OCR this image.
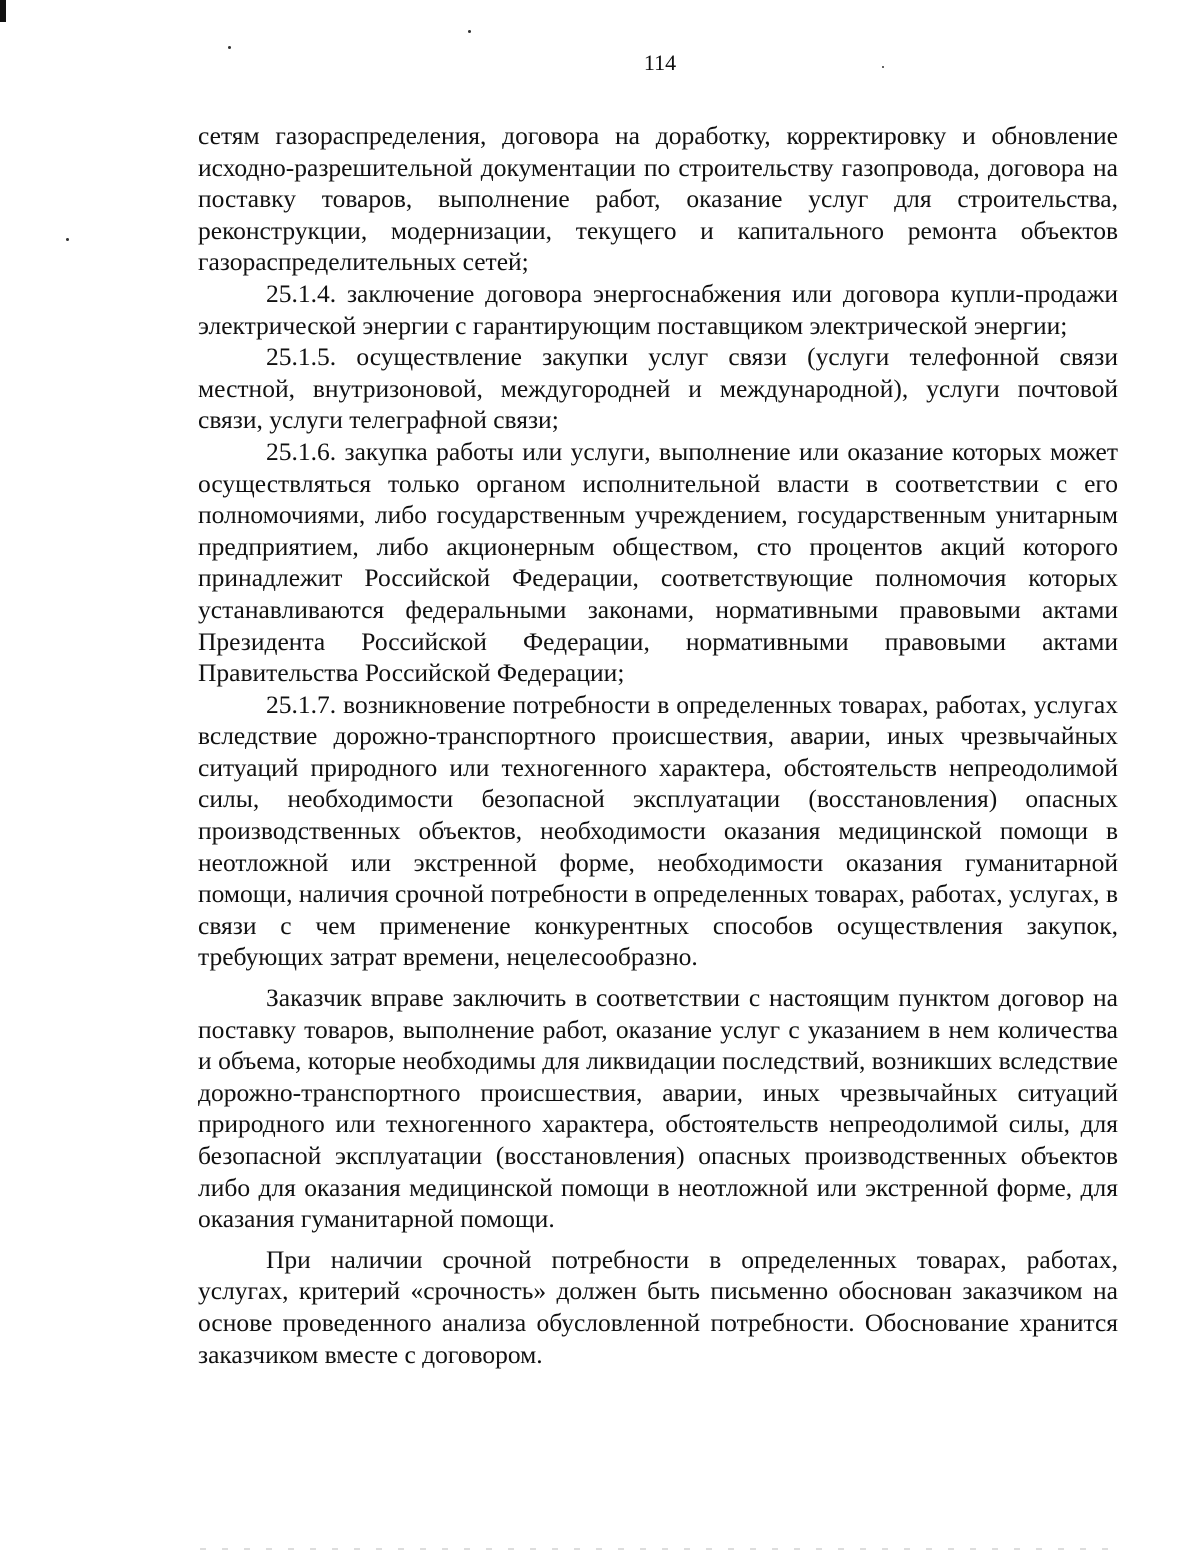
114

сетям газораспределения, договора на доработку, корректировку и обновление исходно-разрешительной документации по строительству газопровода, договора на поставку товаров, выполнение работ, оказание услуг для строительства, реконструкции, модернизации, текущего и капитального ремонта объектов газораспределительных сетей;

25.1.4. заключение договора энергоснабжения или договора купли-продажи электрической энергии с гарантирующим поставщиком электрической энергии;

25.1.5. осуществление закупки услуг связи (услуги телефонной связи местной, внутризоновой, междугородней и международной), услуги почтовой связи, услуги телеграфной связи;

25.1.6. закупка работы или услуги, выполнение или оказание которых может осуществляться только органом исполнительной власти в соответствии с его полномочиями, либо государственным учреждением, государственным унитарным предприятием, либо акционерным обществом, сто процентов акций которого принадлежит Российской Федерации, соответствующие полномочия которых устанавливаются федеральными законами, нормативными правовыми актами Президента Российской Федерации, нормативными правовыми актами Правительства Российской Федерации;

25.1.7. возникновение потребности в определенных товарах, работах, услугах вследствие дорожно-транспортного происшествия, аварии, иных чрезвычайных ситуаций природного или техногенного характера, обстоятельств непреодолимой силы, необходимости безопасной эксплуатации (восстановления) опасных производственных объектов, необходимости оказания медицинской помощи в неотложной или экстренной форме, необходимости оказания гуманитарной помощи, наличия срочной потребности в определенных товарах, работах, услугах, в связи с чем применение конкурентных способов осуществления закупок, требующих затрат времени, нецелесообразно.

Заказчик вправе заключить в соответствии с настоящим пунктом договор на поставку товаров, выполнение работ, оказание услуг с указанием в нем количества и объема, которые необходимы для ликвидации последствий, возникших вследствие дорожно-транспортного происшествия, аварии, иных чрезвычайных ситуаций природного или техногенного характера, обстоятельств непреодолимой силы, для безопасной эксплуатации (восстановления) опасных производственных объектов либо для оказания медицинской помощи в неотложной или экстренной форме, для оказания гуманитарной помощи.

При наличии срочной потребности в определенных товарах, работах, услугах, критерий «срочность» должен быть письменно обоснован заказчиком на основе проведенного анализа обусловленной потребности. Обоснование хранится заказчиком вместе с договором.
